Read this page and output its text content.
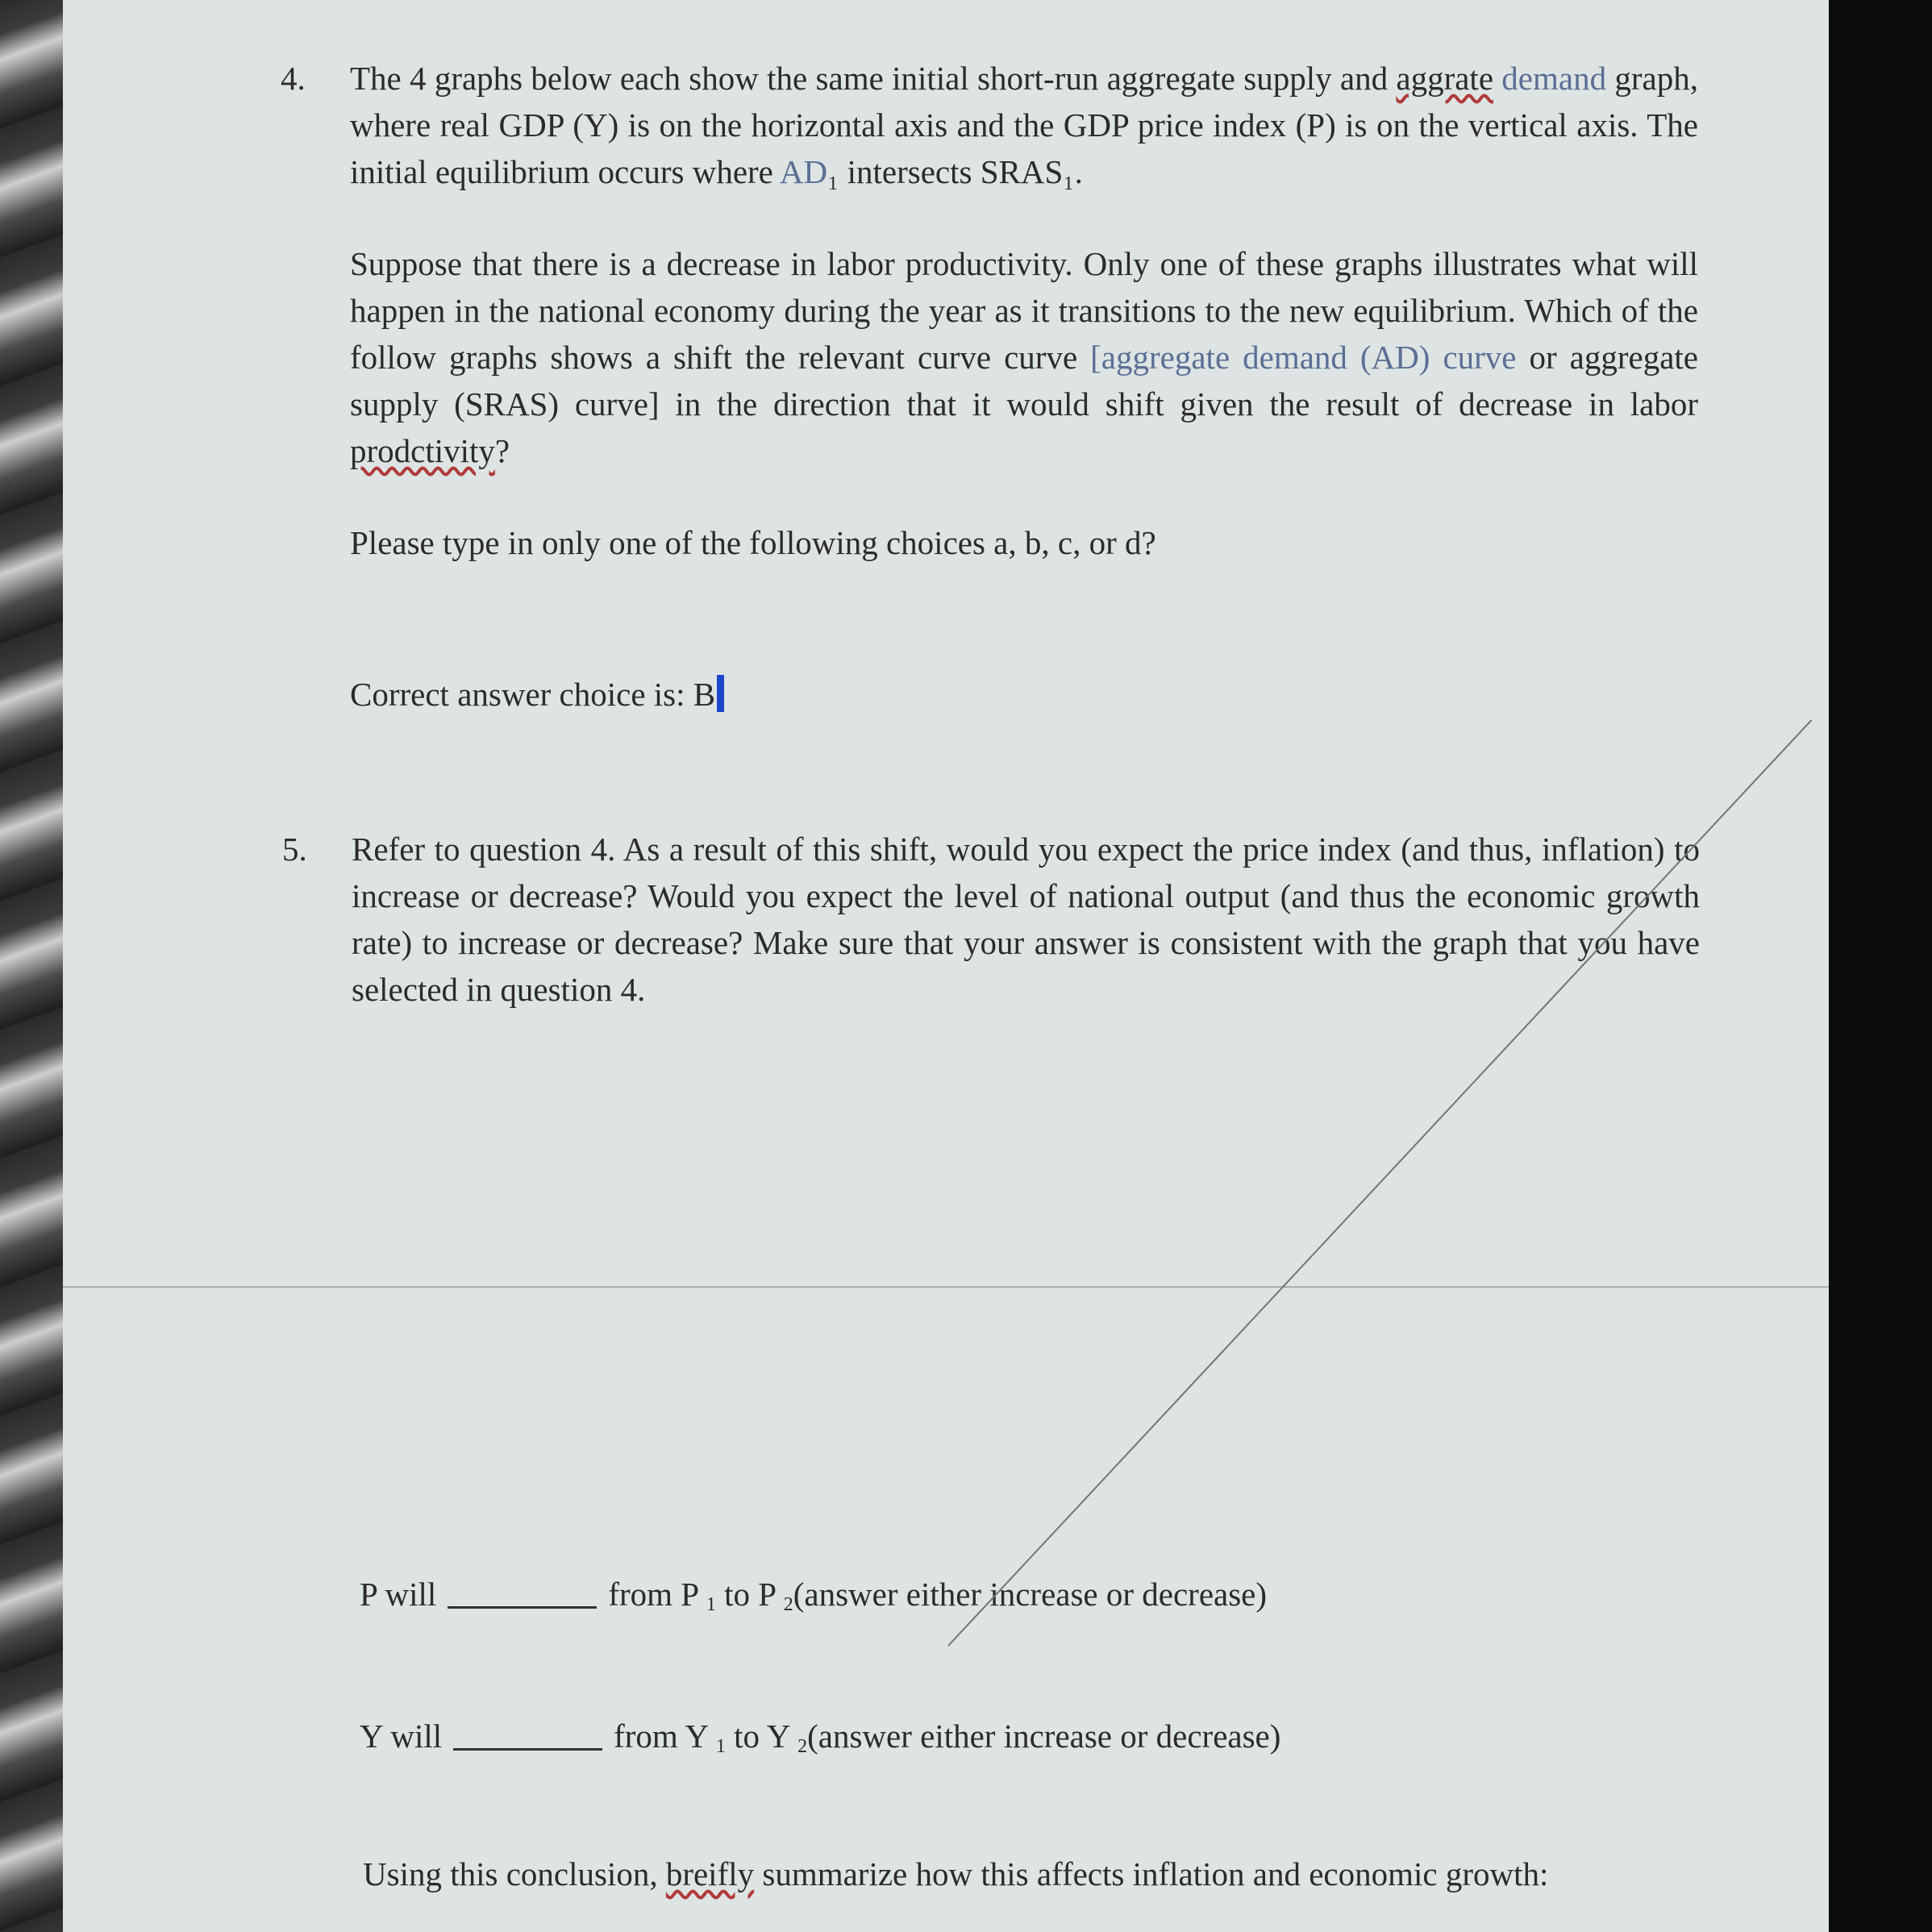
4. The 4 graphs below each show the same initial short-run aggregate supply and aggrate demand graph, where real GDP (Y) is on the horizontal axis and the GDP price index (P) is on the vertical axis. The initial equilibrium occurs where AD₁ intersects SRAS₁.

Suppose that there is a decrease in labor productivity. Only one of these graphs illustrates what will happen in the national economy during the year as it transitions to the new equilibrium. Which of the follow graphs shows a shift the relevant curve curve [aggregate demand (AD) curve or aggregate supply (SRAS) curve] in the direction that it would shift given the result of decrease in labor prodctivity?

Please type in only one of the following choices a, b, c, or d?

Correct answer choice is: B

5. Refer to question 4. As a result of this shift, would you expect the price index (and thus, inflation) to increase or decrease? Would you expect the level of national output (and thus the economic growth rate) to increase or decrease? Make sure that your answer is consistent with the graph that you have selected in question 4.

P will	from P $_1$ to P $_2$(answer either increase or decrease)
Y will	from Y $_1$ to Y $_2$(answer either increase or decrease)
Using this conclusion, breifly summarize how this affects inflation and economic growth:
